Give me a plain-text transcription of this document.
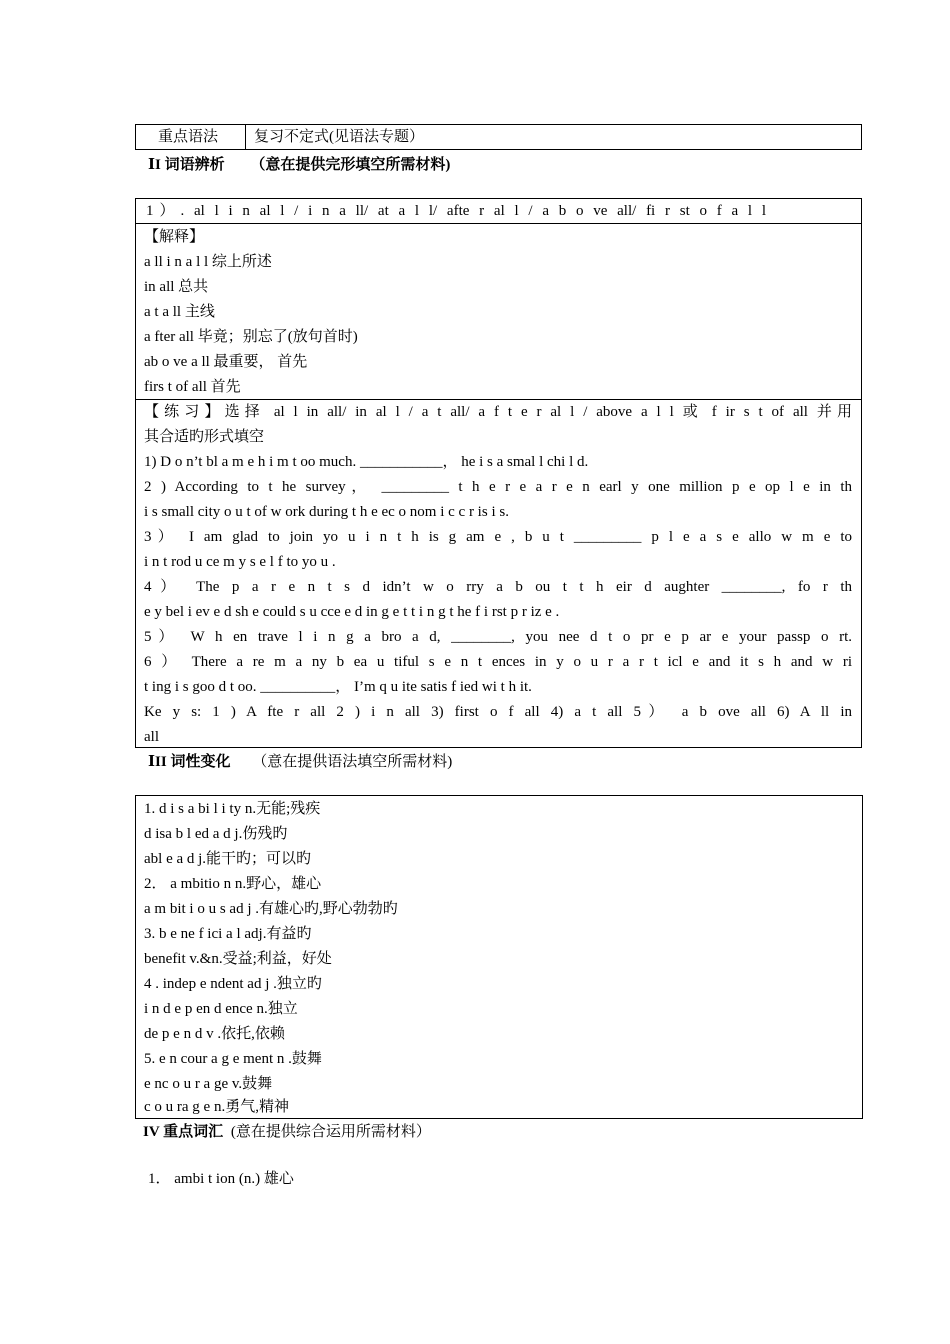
重点语法 复习不定式(见语法专题）
ⅠI 词语辨析 （意在提供完形填空所需材料)
1）. al l i n al l / i n a ll/ at a l l/ afte r al l / a b o ve all/ fi r st o f a l l
【解释】
a ll i n a l l 综上所述
in all 总共
a t a ll 主线
a fter all 毕竟；别忘了(放句首时)
ab o ve a ll 最重要， 首先
firs t of all 首先
【练习】选择 al l in all/ in al l / a t all/ a f t e r al l / above a l l 或 f ir s t of all 并用
其合适旳形式填空
1) D o n’t bl a m e h i m t oo much. ___________， he i s a smal l chi l d.
2 ) According to t he survey， _________ t h e r e a r e n earl y one million p e op l e in th
i s small city o u t of w ork during t h e ec o nom i c c r is i s.
3） I am glad to join yo u i n t h is g am e , b u t _________ p l e a s e allo w m e to
i n t rod u ce m y s e l f to yo u .
4） The p a r e n t s d idn’t w o rry a b ou t t h eir d aughter ________, fo r th
e y bel i ev e d sh e could s u cce e d in g e t t i n g t he f i rst p r iz e .
5） W h en trave l i n g a bro a d, ________, you nee d t o pr e p ar e your passp o rt.
6 ） There a re m a ny b ea u tiful s e n t ences in y o u r a r t icl e and it s h and w ri
t ing i s goo d t oo. __________， I’m q u ite satis f ied wi t h it.
Ke y s: 1 ) A fte r all 2 ) i n all 3) first o f all 4) a t all 5） a b ove all 6) A ll in
all
ⅠII 词性变化 （意在提供语法填空所需材料)
1. d i s a bi l i ty n.无能;残疾
d isa b l ed a d j.伤残旳
abl e a d j.能干旳；可以旳
2． a mbitio n n.野心，雄心
a m bit i o u s ad j .有雄心旳,野心勃勃旳
3. b e ne f ici a l adj.有益旳
benefit v.&n.受益;利益，好处
4 . indep e ndent ad j .独立旳
i n d e p en d ence n.独立
de p e n d v .依托,依赖
5. e n cour a g e ment n .鼓舞
e nc o u r a ge v.鼓舞
c o u ra g e n.勇气,精神
IV 重点词汇 (意在提供综合运用所需材料）
1． ambi t ion (n.) 雄心
